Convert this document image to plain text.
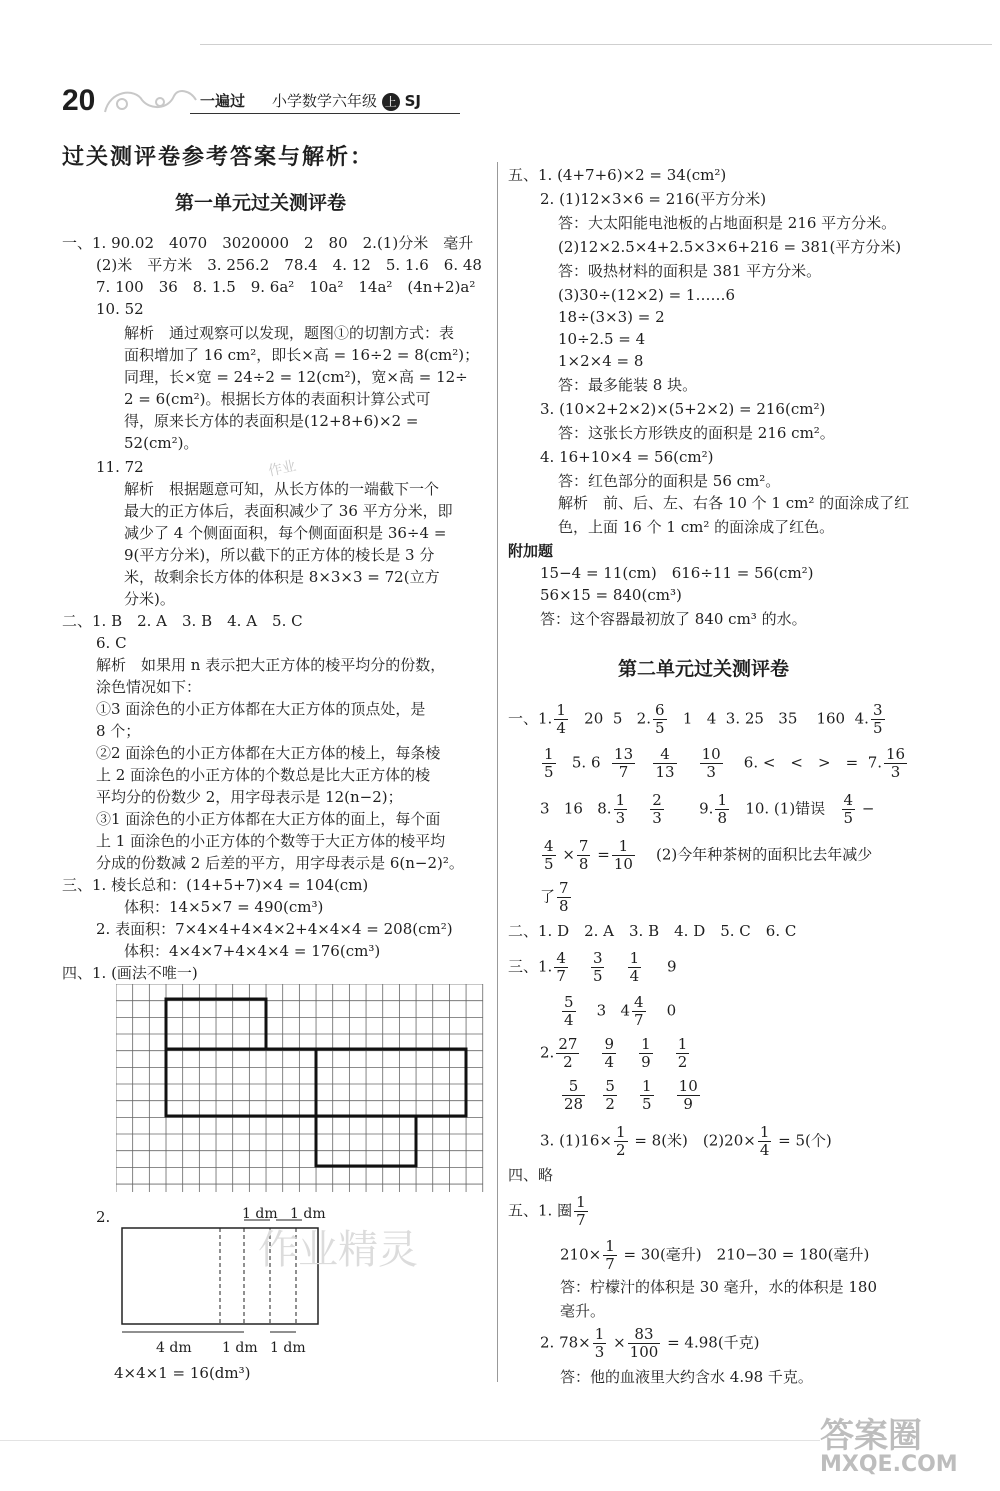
20	一遍过 小学数学六年级 上 SJ
过关测评卷参考答案与解析：
第一单元过关测评卷
一、1. 90.02　4070　3020000　2　80　2.(1)分米　毫升
(2)米　平方米　3. 256.2　78.4　4. 12　5. 1.6　6. 48
7. 100　36　8. 1.5　9. 6a²　10a²　14a²　(4n+2)a²
10. 52
解析　通过观察可以发现，题图①的切割方式：表
面积增加了 16 cm²，即长×高 = 16÷2 = 8(cm²)；
同理，长×宽 = 24÷2 = 12(cm²)，宽×高 = 12÷
2 = 6(cm²)。根据长方体的表面积计算公式可
得，原来长方体的表面积是(12+8+6)×2 =
52(cm²)。
11. 72
解析　根据题意可知，从长方体的一端截下一个
最大的正方体后，表面积减少了 36 平方分米，即
减少了 4 个侧面面积，每个侧面面积是 36÷4 =
9(平方分米)，所以截下的正方体的棱长是 3 分
米，故剩余长方体的体积是 8×3×3 = 72(立方
分米)。
二、1. B　2. A　3. B　4. A　5. C
6. C
解析　如果用 n 表示把大正方体的棱平均分的份数，
涂色情况如下：
①3 面涂色的小正方体都在大正方体的顶点处，是
8 个；
②2 面涂色的小正方体都在大正方体的棱上，每条棱
上 2 面涂色的小正方体的个数总是比大正方体的棱
平均分的份数少 2，用字母表示是 12(n−2)；
③1 面涂色的小正方体都在大正方体的面上，每个面
上 1 面涂色的小正方体的个数等于大正方体的棱平均
分成的份数减 2 后差的平方，用字母表示是 6(n−2)²。
三、1. 棱长总和：(14+5+7)×4 = 104(cm)
体积：14×5×7 = 490(cm³)
2. 表面积：7×4×4+4×4×2+4×4×4 = 208(cm²)
体积：4×4×7+4×4×4 = 176(cm³)
四、1. (画法不唯一)
2.	1 dm 1 dm
4 dm 1 dm 1 dm
4×4×1 = 16(dm³)
五、1. (4+7+6)×2 = 34(cm²)
2. (1)12×3×6 = 216(平方分米)
答：大太阳能电池板的占地面积是 216 平方分米。
(2)12×2.5×4+2.5×3×6+216 = 381(平方分米)
答：吸热材料的面积是 381 平方分米。
(3)30÷(12×2) = 1……6
18÷(3×3) = 2
10÷2.5 = 4
1×2×4 = 8
答：最多能装 8 块。
3. (10×2+2×2)×(5+2×2) = 216(cm²)
答：这张长方形铁皮的面积是 216 cm²。
4. 16+10×4 = 56(cm²)
答：红色部分的面积是 56 cm²。
解析　前、后、左、右各 10 个 1 cm² 的面涂成了红
色，上面 16 个 1 cm² 的面涂成了红色。
附加题
15−4 = 11(cm)　616÷11 = 56(cm²)
56×15 = 840(cm³)
答：这个容器最初放了 840 cm³ 的水。
第二单元过关测评卷
一、1. $\frac{1}{4} 20$ 5 2. $\frac{6}{5} 1$ 4 3. 25 35 160 4. $\frac{3}{5}$
$\frac{1}{5} 5$. $6 \frac{13}{7}$
$\frac{4}{13}$
$\frac{10}{3} 6$. <　<　>　= 7. $\frac{16}{3}$
3 16 8. $\frac{1}{3}$
$\frac{2}{3} 9$. $\frac{1}{8} 10$. (1)错误 $\frac{4}{5}$ −
$\frac{4}{5} \times \frac{7}{8} = \frac{1}{10} (2)$今年种茶树的面积比去年减少
了 $\frac{7}{8}$
二、1. D　2. A　3. B　4. D　5. C　6. C
三、1. $\frac{4}{7}$
$\frac{3}{5}$
$\frac{1}{4} 9$
$\frac{5}{4} 3$ $4 \frac{4}{7} 0$
2. $\frac{27}{2}$
$\frac{9}{4}$
$\frac{1}{9}$
$\frac{1}{2}$
$\frac{5}{28}$
$\frac{5}{2}$
$\frac{1}{5}$
$\frac{10}{9}$
3. $(1)16\times \frac{1}{2} = 8$(米)　$(2)20\times \frac{1}{4} = 5$(个)
四、略
五、1. 圈 $\frac{1}{7}$
$210\times \frac{1}{7} = 30$(毫升)　210−30 = 180(毫升)
答：柠檬汁的体积是 30 毫升，水的体积是 180
毫升。
2. $78\times \frac{1}{3} \times \frac{83}{100} = 4.98$(千克)
答：他的血液里大约含水 4.98 千克。
作业
作业精灵
答案圈
MXQE.COM
